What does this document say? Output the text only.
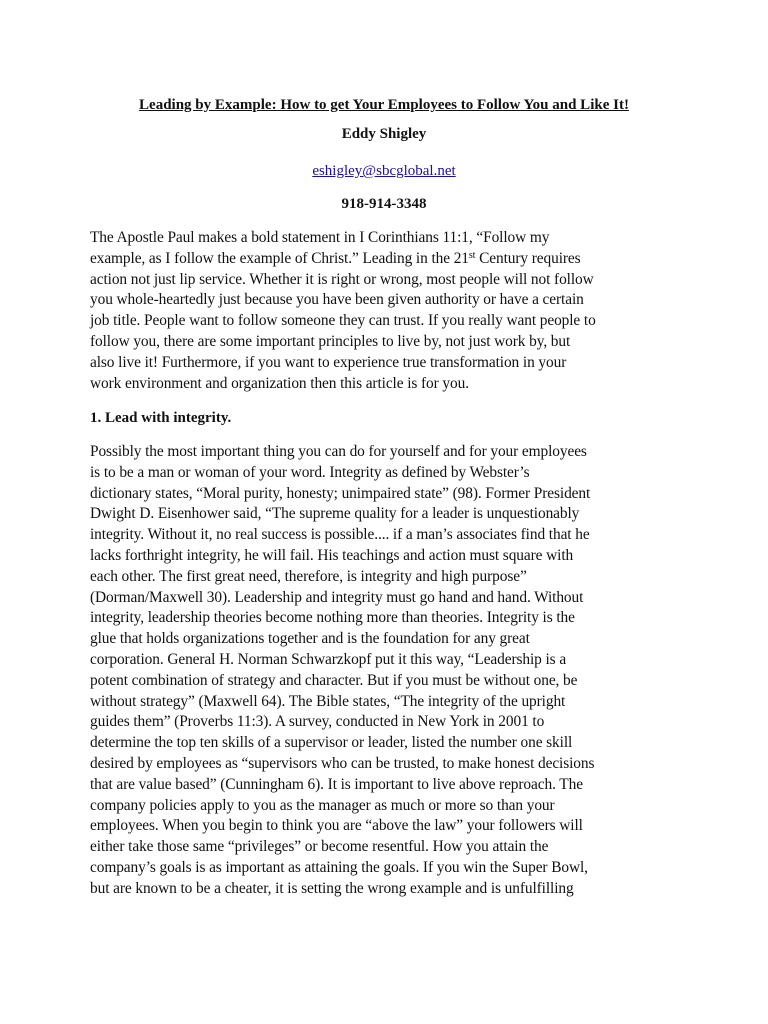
Leading by Example: How to get Your Employees to Follow You and Like It!
Eddy Shigley
eshigley@sbcglobal.net
918-914-3348
The Apostle Paul makes a bold statement in I Corinthians 11:1, “Follow my
example, as I follow the example of Christ.” Leading in the 21st Century requires
action not just lip service. Whether it is right or wrong, most people will not follow
you whole-heartedly just because you have been given authority or have a certain
job title. People want to follow someone they can trust. If you really want people to
follow you, there are some important principles to live by, not just work by, but
also live it! Furthermore, if you want to experience true transformation in your
work environment and organization then this article is for you.
1. Lead with integrity.
Possibly the most important thing you can do for yourself and for your employees
is to be a man or woman of your word. Integrity as defined by Webster’s
dictionary states, “Moral purity, honesty; unimpaired state” (98). Former President
Dwight D. Eisenhower said, “The supreme quality for a leader is unquestionably
integrity. Without it, no real success is possible.... if a man’s associates find that he
lacks forthright integrity, he will fail. His teachings and action must square with
each other. The first great need, therefore, is integrity and high purpose”
(Dorman/Maxwell 30). Leadership and integrity must go hand and hand. Without
integrity, leadership theories become nothing more than theories. Integrity is the
glue that holds organizations together and is the foundation for any great
corporation. General H. Norman Schwarzkopf put it this way, “Leadership is a
potent combination of strategy and character. But if you must be without one, be
without strategy” (Maxwell 64). The Bible states, “The integrity of the upright
guides them” (Proverbs 11:3). A survey, conducted in New York in 2001 to
determine the top ten skills of a supervisor or leader, listed the number one skill
desired by employees as “supervisors who can be trusted, to make honest decisions
that are value based” (Cunningham 6). It is important to live above reproach. The
company policies apply to you as the manager as much or more so than your
employees. When you begin to think you are “above the law” your followers will
either take those same “privileges” or become resentful. How you attain the
company’s goals is as important as attaining the goals. If you win the Super Bowl,
but are known to be a cheater, it is setting the wrong example and is unfulfilling
